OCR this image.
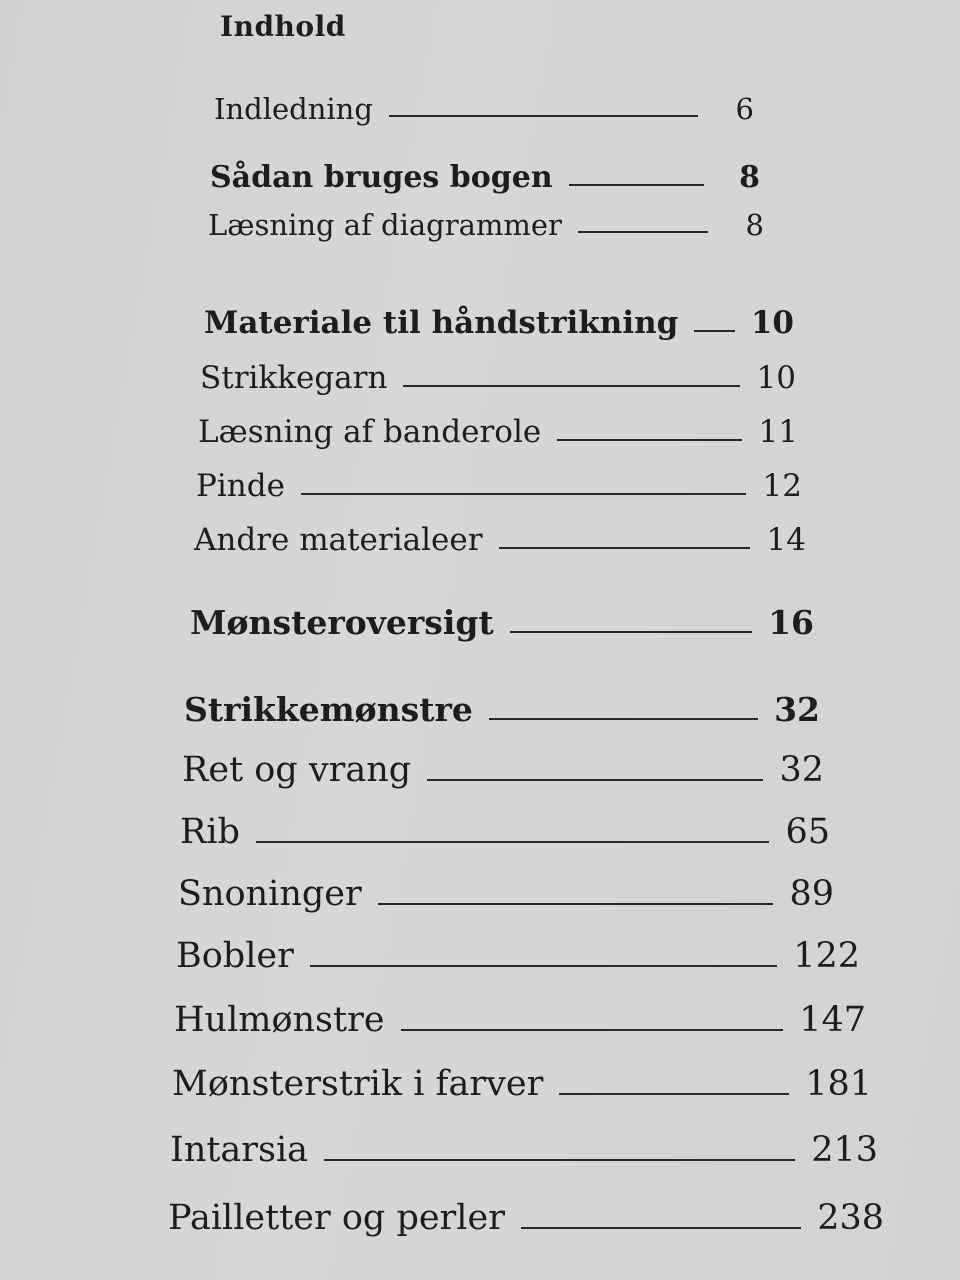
Indhold
Indledning	6
Sådan bruges bogen	8
Læsning af diagrammer	8
Materiale til håndstrikning 10
Strikkegarn	10
Læsning af banderole	11
Pinde	12
Andre materialeer	14
Mønsteroversigt	16
Strikkemønstre	32
Ret og vrang	32
Rib	65
Snoninger	89
Bobler	122
Hulmønstre	147
Mønsterstrik i farver	181
Intarsia	213
Pailletter og perler	238
